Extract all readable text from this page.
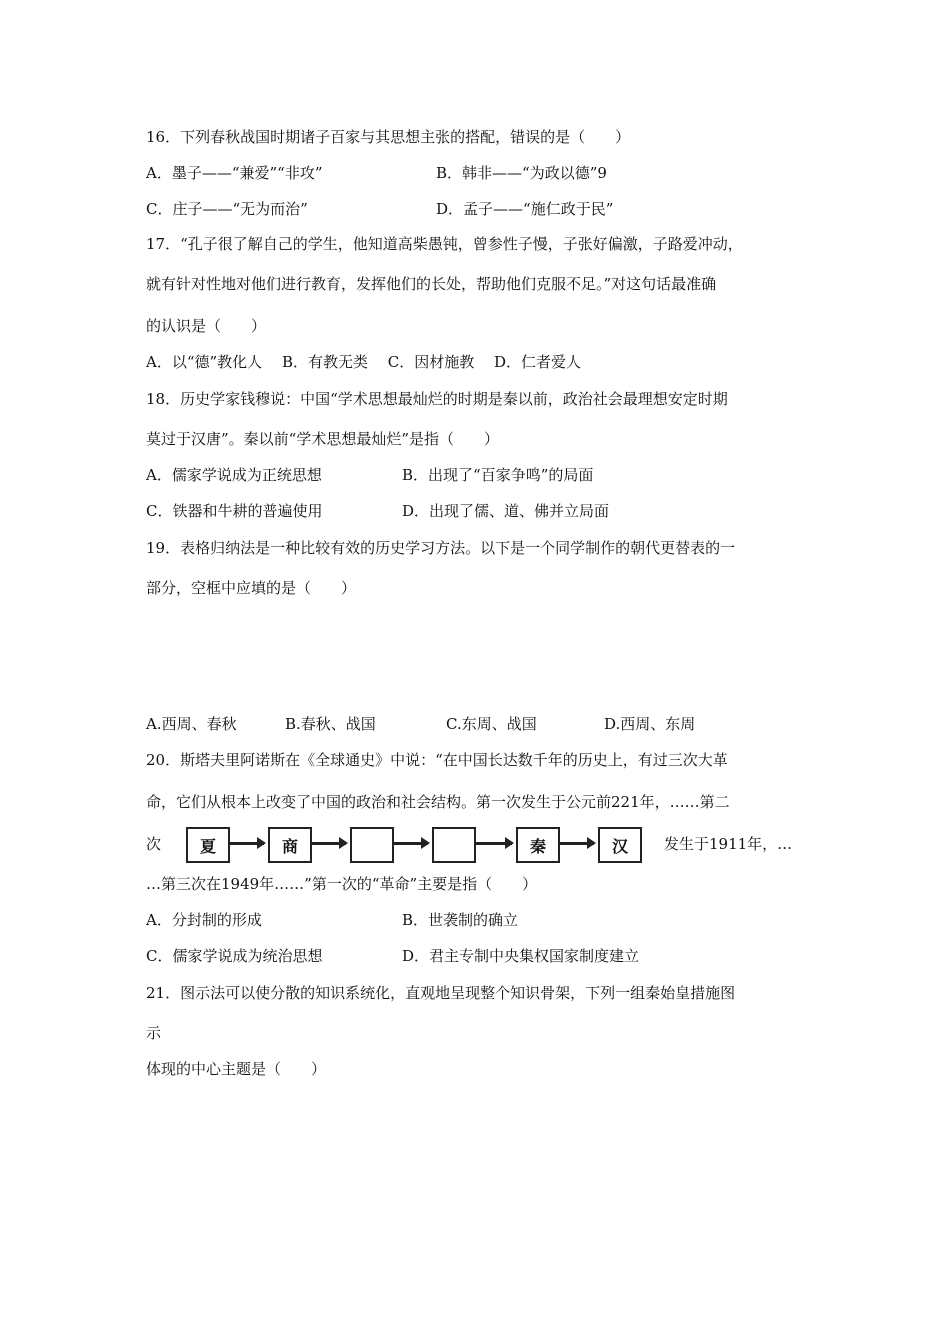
16．下列春秋战国时期诸子百家与其思想主张的搭配，错误的是（　　）
A．墨子——“兼爱”“非攻”	B．韩非——“为政以德”9
C．庄子——“无为而治”	D．孟子——“施仁政于民”
17．“孔子很了解自己的学生，他知道高柴愚钝，曾参性子慢，子张好偏激，子路爱冲动，
就有针对性地对他们进行教育，发挥他们的长处，帮助他们克服不足。”对这句话最准确
的认识是（　　）
A．以“德”教化人　 B．有教无类　 C．因材施教　 D．仁者爱人
18．历史学家钱穆说：中国“学术思想最灿烂的时期是秦以前，政治社会最理想安定时期
莫过于汉唐”。秦以前“学术思想最灿烂”是指（　　）
A．儒家学说成为正统思想	B．出现了“百家争鸣”的局面
C．铁器和牛耕的普遍使用	D．出现了儒、道、佛并立局面
19．表格归纳法是一种比较有效的历史学习方法。以下是一个同学制作的朝代更替表的一
部分，空框中应填的是（　　）
A.西周、春秋	B.春秋、战国	C.东周、战国	D.西周、东周
20．斯塔夫里阿诺斯在《全球通史》中说：“在中国长达数千年的历史上，有过三次大革
命，它们从根本上改变了中国的政治和社会结构。第一次发生于公元前221年，……第二
次	发生于1911年，…
夏	商	秦	汉
…第三次在1949年……”第一次的“革命”主要是指（　　）
A．分封制的形成	B．世袭制的确立
C．儒家学说成为统治思想	D．君主专制中央集权国家制度建立
21．图示法可以使分散的知识系统化，直观地呈现整个知识骨架，下列一组秦始皇措施图
示
体现的中心主题是（　　）
